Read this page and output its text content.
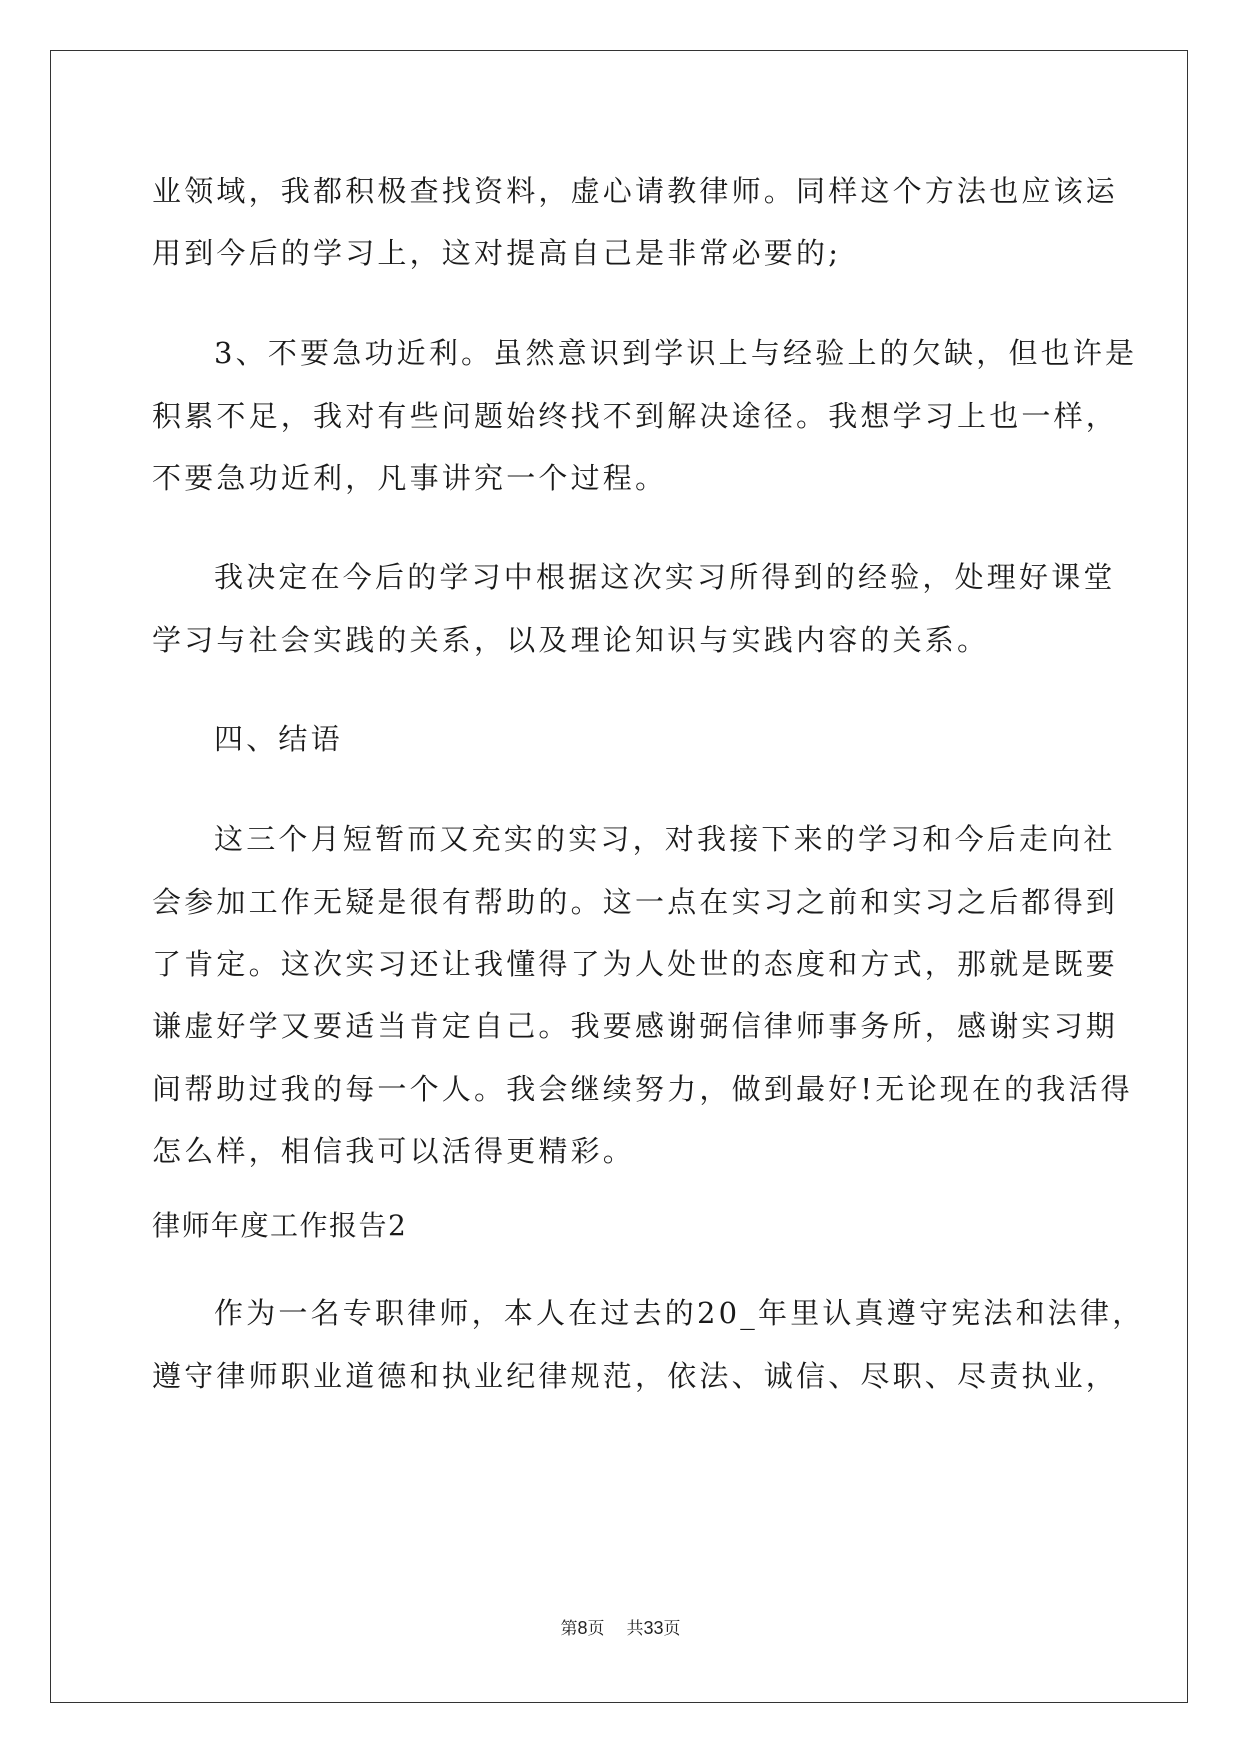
业领域，我都积极查找资料，虚心请教律师。同样这个方法也应该运
用到今后的学习上，这对提高自己是非常必要的;
3、不要急功近利。虽然意识到学识上与经验上的欠缺，但也许是
积累不足，我对有些问题始终找不到解决途径。我想学习上也一样，
不要急功近利，凡事讲究一个过程。
我决定在今后的学习中根据这次实习所得到的经验，处理好课堂
学习与社会实践的关系，以及理论知识与实践内容的关系。
四、结语
这三个月短暂而又充实的实习，对我接下来的学习和今后走向社
会参加工作无疑是很有帮助的。这一点在实习之前和实习之后都得到
了肯定。这次实习还让我懂得了为人处世的态度和方式，那就是既要
谦虚好学又要适当肯定自己。我要感谢弼信律师事务所，感谢实习期
间帮助过我的每一个人。我会继续努力，做到最好!无论现在的我活得
怎么样，相信我可以活得更精彩。
律师年度工作报告2
作为一名专职律师，本人在过去的20_年里认真遵守宪法和法律，
遵守律师职业道德和执业纪律规范，依法、诚信、尽职、尽责执业，
第8页 共33页
